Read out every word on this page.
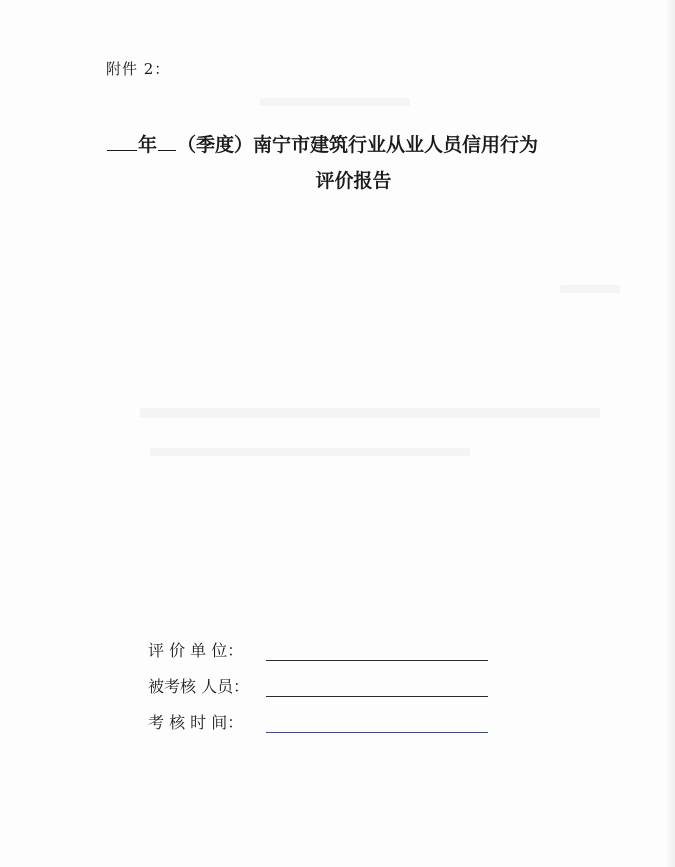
附件 2：
年 （季度）南宁市建筑行业从业人员信用行为
评价报告
评 价 单 位：
被考核 人员：
考 核 时 间：
